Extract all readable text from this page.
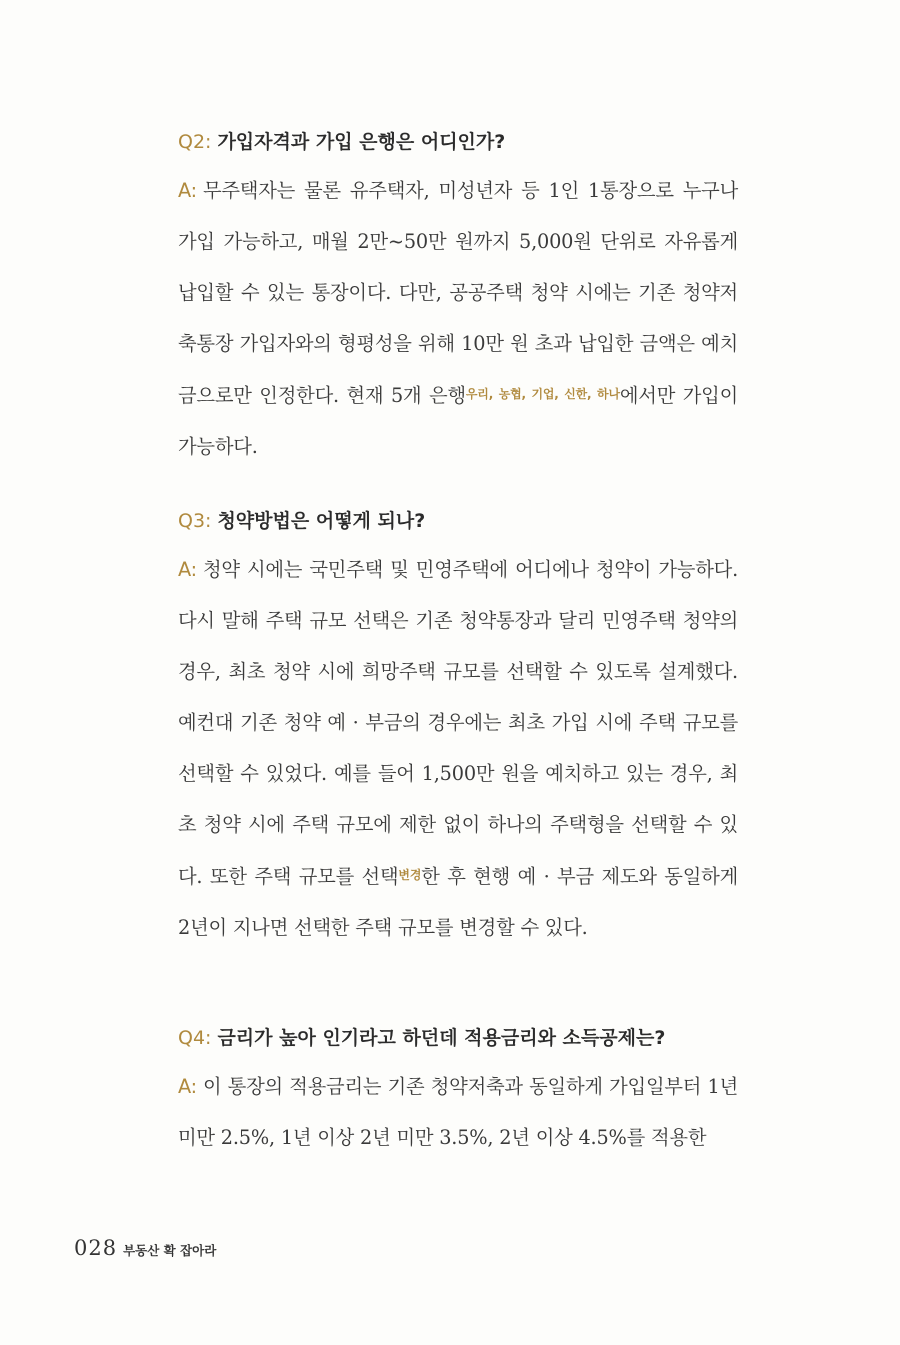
Q2: 가입자격과 가입 은행은 어디인가?

A: 무주택자는 물론 유주택자, 미성년자 등 1인 1통장으로 누구나 가입 가능하고, 매월 2만~50만 원까지 5,000원 단위로 자유롭게 납입할 수 있는 통장이다. 다만, 공공주택 청약 시에는 기존 청약저축통장 가입자와의 형평성을 위해 10만 원 초과 납입한 금액은 예치금으로만 인정한다. 현재 5개 은행$^{우리, 농협, 기업, 신한, 하나}$에서만 가입이 가능하다.

Q3: 청약방법은 어떻게 되나?

A: 청약 시에는 국민주택 및 민영주택에 어디에나 청약이 가능하다. 다시 말해 주택 규모 선택은 기존 청약통장과 달리 민영주택 청약의 경우, 최초 청약 시에 희망주택 규모를 선택할 수 있도록 설계했다. 예컨대 기존 청약 예 · 부금의 경우에는 최초 가입 시에 주택 규모를 선택할 수 있었다. 예를 들어 1,500만 원을 예치하고 있는 경우, 최초 청약 시에 주택 규모에 제한 없이 하나의 주택형을 선택할 수 있다. 또한 주택 규모를 선택$^{변경}$한 후 현행 예 · 부금 제도와 동일하게 2년이 지나면 선택한 주택 규모를 변경할 수 있다.

Q4: 금리가 높아 인기라고 하던데 적용금리와 소득공제는?

A: 이 통장의 적용금리는 기존 청약저축과 동일하게 가입일부터 1년 미만 2.5%, 1년 이상 2년 미만 3.5%, 2년 이상 4.5%를 적용한

028 부동산 확 잡아라
